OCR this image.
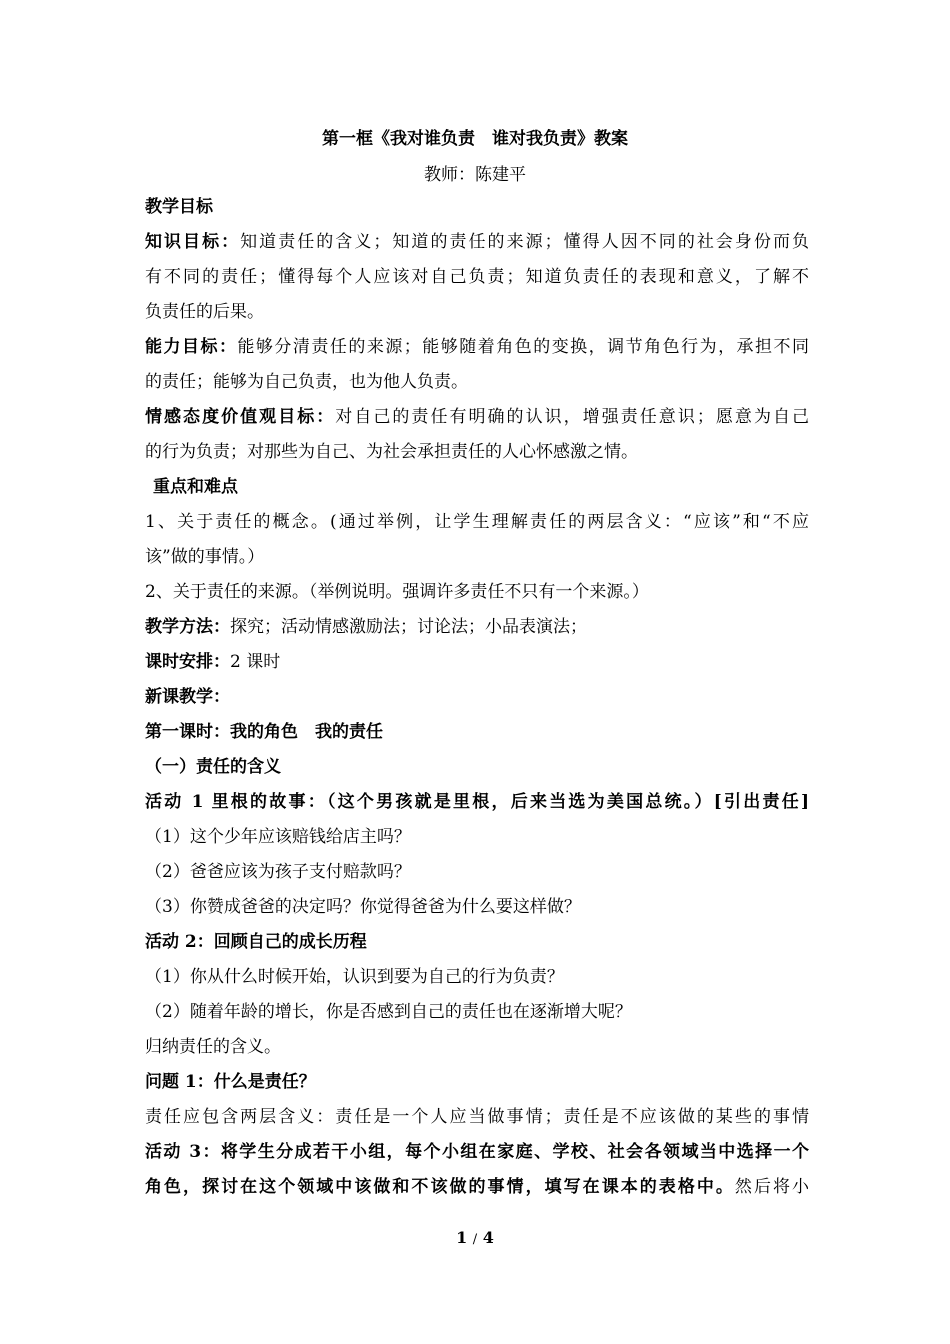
第一框《我对谁负责　谁对我负责》教案
教师：陈建平
教学目标
知识目标：知道责任的含义；知道的责任的来源；懂得人因不同的社会身份而负
有不同的责任；懂得每个人应该对自己负责；知道负责任的表现和意义，了解不
负责任的后果。
能力目标：能够分清责任的来源；能够随着角色的变换，调节角色行为，承担不同
的责任；能够为自己负责，也为他人负责。
情感态度价值观目标：对自己的责任有明确的认识，增强责任意识；愿意为自己
的行为负责；对那些为自己、为社会承担责任的人心怀感激之情。
重点和难点
1、关于责任的概念。(通过举例，让学生理解责任的两层含义：“应该”和“不应
该”做的事情。）
2、关于责任的来源。（举例说明。强调许多责任不只有一个来源。）
教学方法：探究；活动情感激励法；讨论法；小品表演法；
课时安排：2 课时
新课教学：
第一课时：我的角色　我的责任
（一）责任的含义
活动 1 里根的故事：（这个男孩就是里根，后来当选为美国总统。）[引出责任]
（1）这个少年应该赔钱给店主吗？
（2）爸爸应该为孩子支付赔款吗？
（3）你赞成爸爸的决定吗？你觉得爸爸为什么要这样做？
活动 2：回顾自己的成长历程
（1）你从什么时候开始，认识到要为自己的行为负责？
（2）随着年龄的增长，你是否感到自己的责任也在逐渐增大呢？
归纳责任的含义。
问题 1：什么是责任？
责任应包含两层含义：责任是一个人应当做事情；责任是不应该做的某些的事情
活动 3：将学生分成若干小组，每个小组在家庭、学校、社会各领域当中选择一个
角色，探讨在这个领域中该做和不该做的事情，填写在课本的表格中。然后将小
1 / 4
